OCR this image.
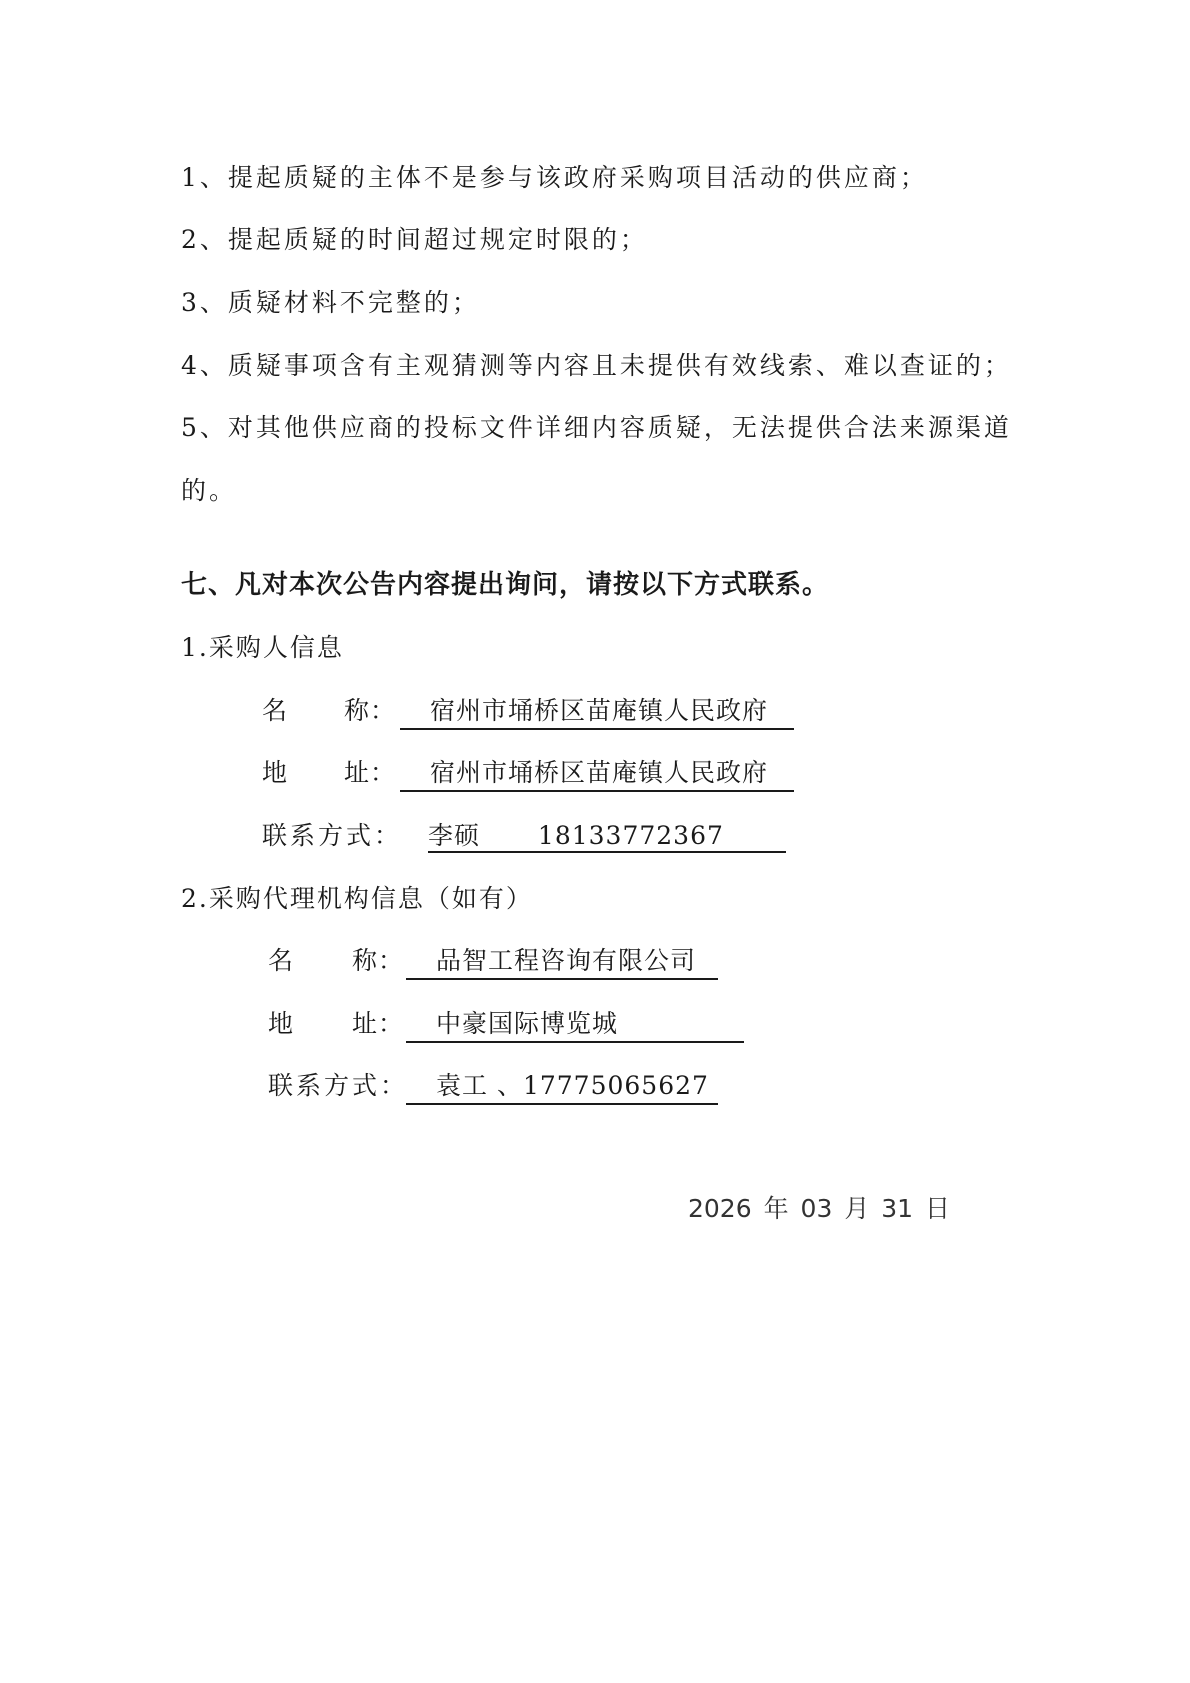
1、提起质疑的主体不是参与该政府采购项目活动的供应商；
2、提起质疑的时间超过规定时限的；
3、质疑材料不完整的；
4、质疑事项含有主观猜测等内容且未提供有效线索、难以查证的；
5、对其他供应商的投标文件详细内容质疑，无法提供合法来源渠道
的。
七、凡对本次公告内容提出询问，请按以下方式联系。
1.采购人信息
名 称：	宿州市埇桥区苗庵镇人民政府
地 址：	宿州市埇桥区苗庵镇人民政府
联系方式： 李硕 18133772367
2.采购代理机构信息（如有）
名 称：	品智工程咨询有限公司
地 址：	中豪国际博览城
联系方式：	袁工 、17775065627
2026 年 03 月 31 日
